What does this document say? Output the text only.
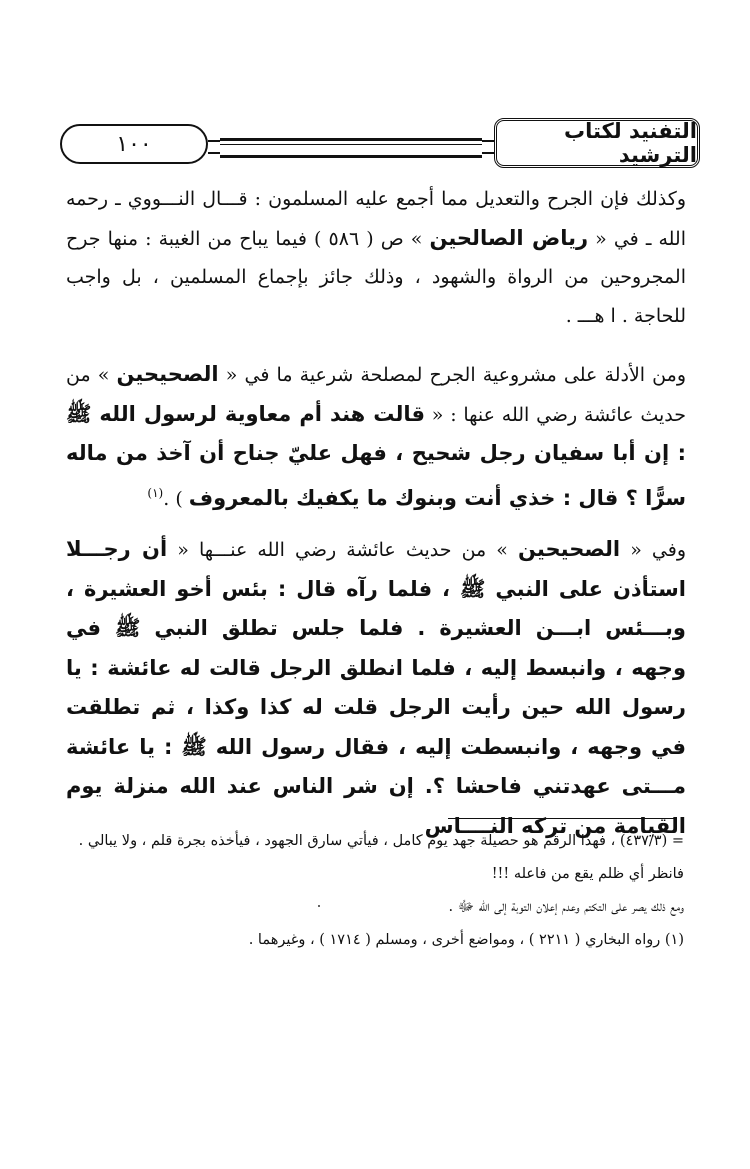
١٠٠
التفنيد لكتاب الترشيد

وكذلك فإن الجرح والتعديل مما أجمع عليه المسلمون : قـــال النـــووي ـ رحمه الله ـ في « رياض الصالحين » ص ( ٥٨٦ ) فيما يباح من الغيبة : منها جرح المجروحين من الرواة والشهود ، وذلك جائز بإجماع المسلمين ، بل واجب للحاجة . ا هـــ .

ومن الأدلة على مشروعية الجرح لمصلحة شرعية ما في « الصحيحين » من حديث عائشة رضي الله عنها : « قالت هند أم معاوية لرسول الله ﷺ : إن أبا سفيان رجل شحيح ، فهل عليّ جناح أن آخذ من ماله سرًّا ؟ قال : خذي أنت وبنوك ما يكفيك بالمعروف ) .$^{(١)}$

وفي « الصحيحين » من حديث عائشة رضي الله عنـــها « أن رجـــلا استأذن على النبي ﷺ ، فلما رآه قال : بئس أخو العشيرة ، وبـــئس ابـــن العشيرة . فلما جلس تطلق النبي ﷺ في وجهه ، وانبسط إليه ، فلما انطلق الرجل قالت له عائشة : يا رسول الله حين رأيت الرجل قلت له كذا وكذا ، ثم تطلقت في وجهه ، وانبسطت إليه ، فقال رسول الله ﷺ : يا عائشة مـــتى عهدتني فاحشا ؟. إن شر الناس عند الله منزلة يوم القيامة من تركه النــــاس

= (٤٣٧/٣) ، فهذا الرقم هو حصيلة جهد يوم كامل ، فيأتي سارق الجهود ، فيأخذه بجرة قلم ، ولا يبالي .

فانظر أي ظلم يقع من فاعله !!!

ومع ذلك يصر على التكتم وعدم إعلان التوبة إلى الله ﷻ .

(١) رواه البخاري ( ٢٢١١ ) ، ومواضع أخرى ، ومسلم ( ١٧١٤ ) ، وغيرهما .
